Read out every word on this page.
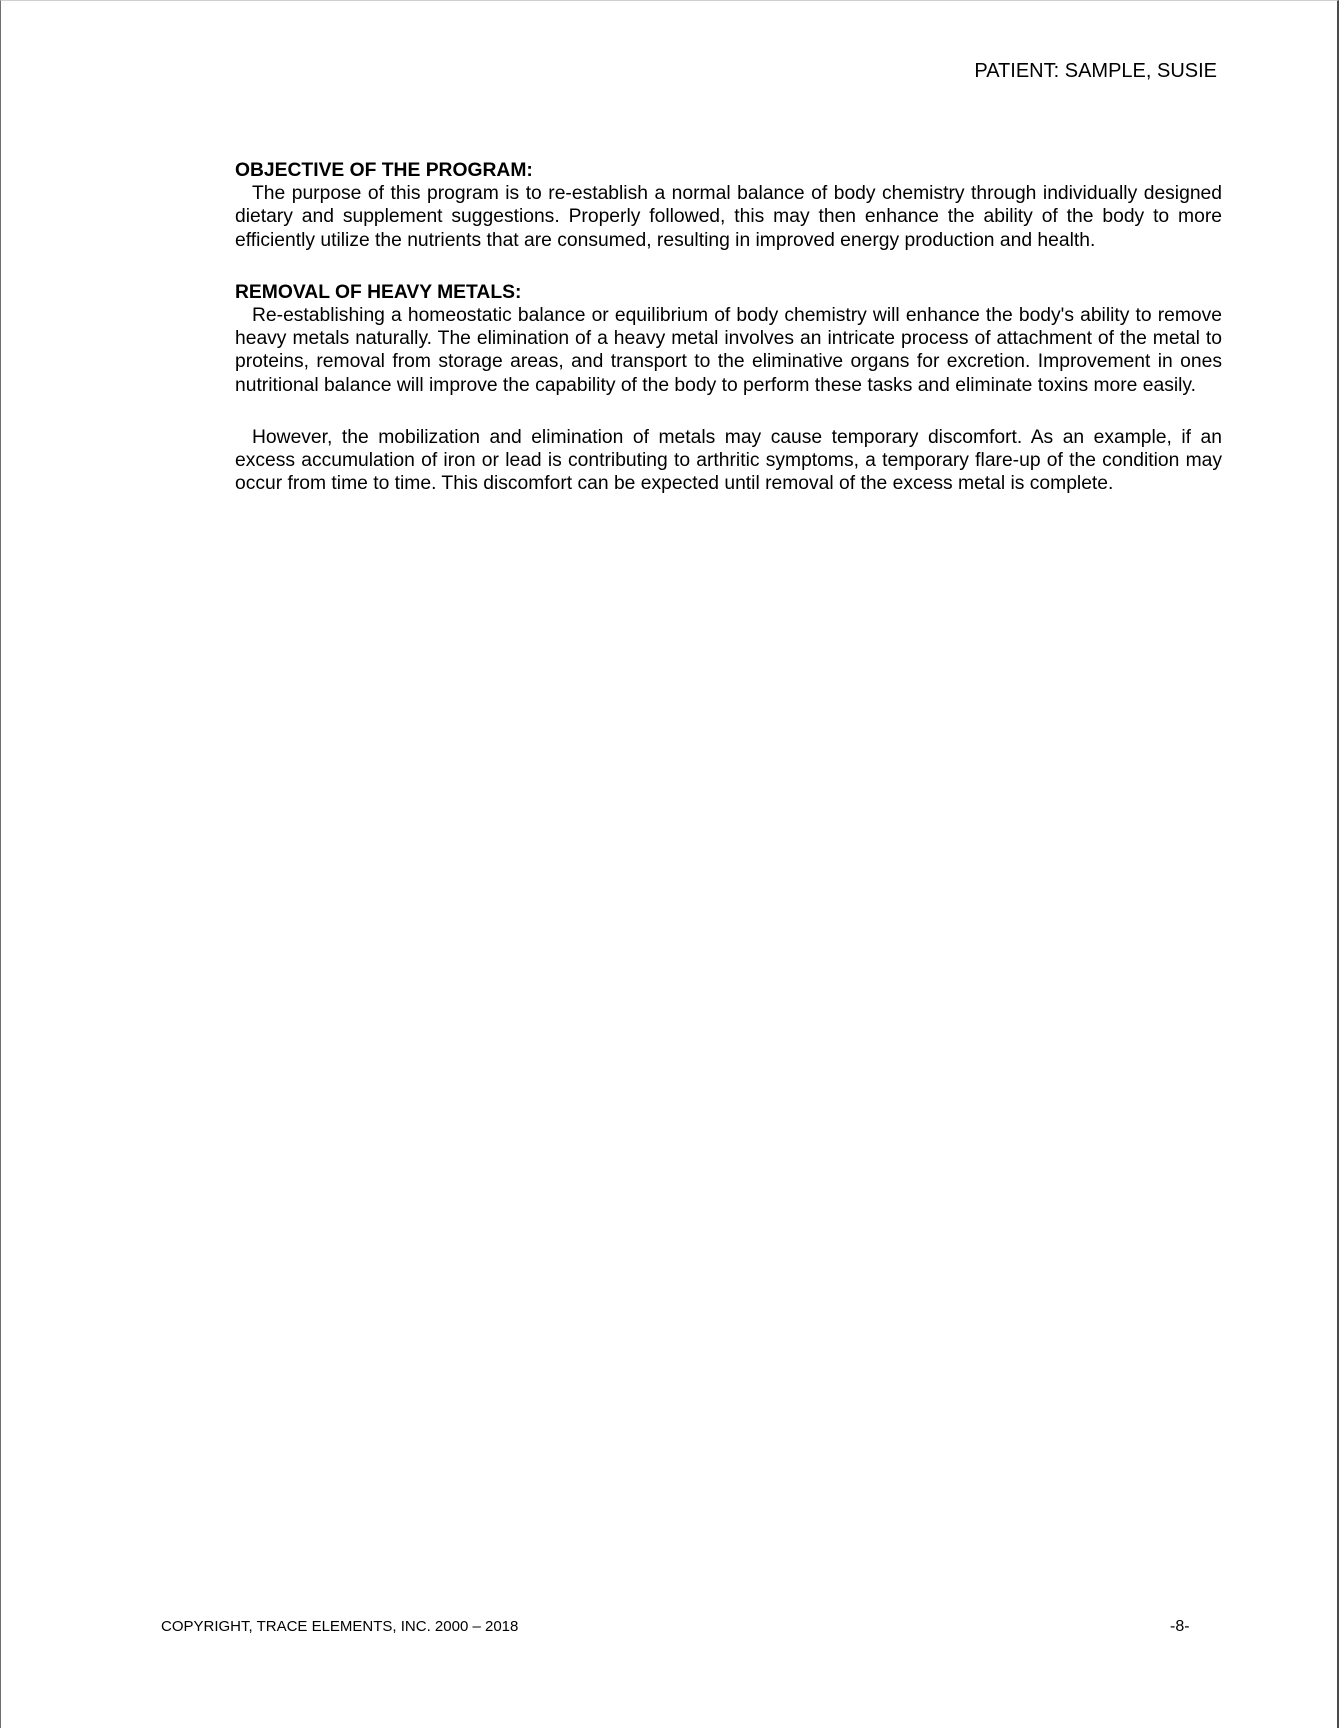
PATIENT: SAMPLE, SUSIE
OBJECTIVE OF THE PROGRAM:

The purpose of this program is to re-establish a normal balance of body chemistry through individually designed dietary and supplement suggestions. Properly followed, this may then enhance the ability of the body to more efficiently utilize the nutrients that are consumed, resulting in improved energy production and health.

REMOVAL OF HEAVY METALS:

Re-establishing a homeostatic balance or equilibrium of body chemistry will enhance the body's ability to remove heavy metals naturally. The elimination of a heavy metal involves an intricate process of attachment of the metal to proteins, removal from storage areas, and transport to the eliminative organs for excretion. Improvement in ones nutritional balance will improve the capability of the body to perform these tasks and eliminate toxins more easily.

However, the mobilization and elimination of metals may cause temporary discomfort. As an example, if an excess accumulation of iron or lead is contributing to arthritic symptoms, a temporary flare-up of the condition may occur from time to time. This discomfort can be expected until removal of the excess metal is complete.

COPYRIGHT, TRACE ELEMENTS, INC. 2000 – 2018	-8-
